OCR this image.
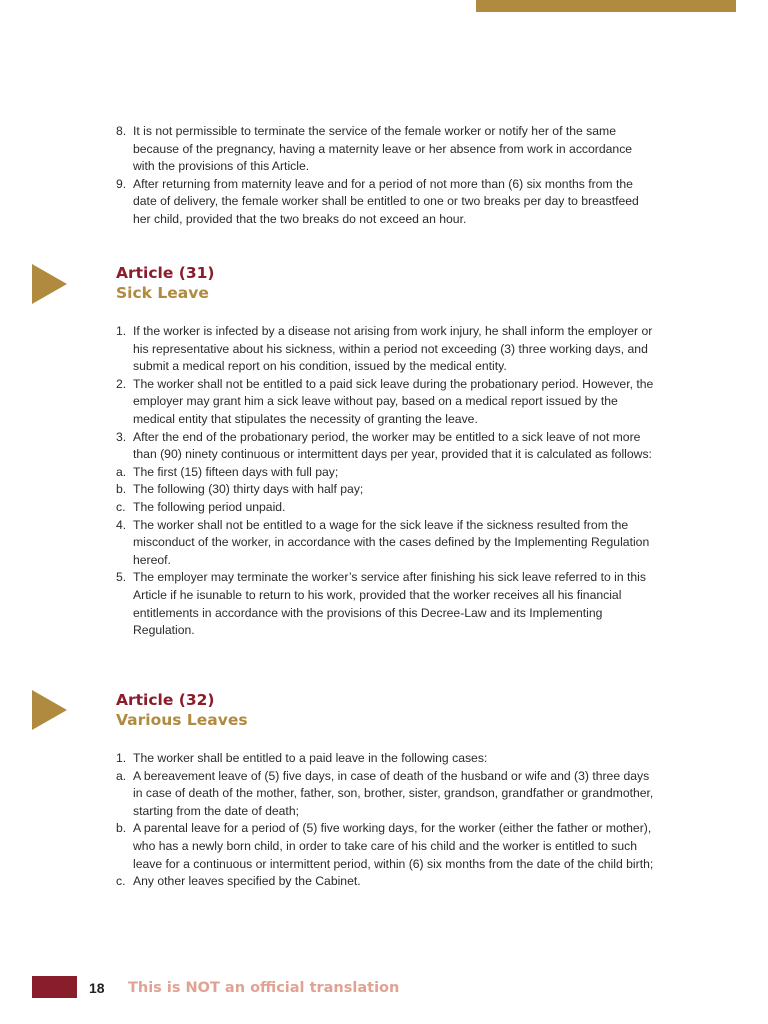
8. It is not permissible to terminate the service of the female worker or notify her of the same because of the pregnancy, having a maternity leave or her absence from work in accordance with the provisions of this Article.
9. After returning from maternity leave and for a period of not more than (6) six months from the date of delivery, the female worker shall be entitled to one or two breaks per day to breastfeed her child, provided that the two breaks do not exceed an hour.
Article (31)
Sick Leave
1. If the worker is infected by a disease not arising from work injury, he shall inform the employer or his representative about his sickness, within a period not exceeding (3) three working days, and submit a medical report on his condition, issued by the medical entity.
2. The worker shall not be entitled to a paid sick leave during the probationary period. However, the employer may grant him a sick leave without pay, based on a medical report issued by the medical entity that stipulates the necessity of granting the leave.
3. After the end of the probationary period, the worker may be entitled to a sick leave of not more than (90) ninety continuous or intermittent days per year, provided that it is calculated as follows:
a. The first (15) fifteen days with full pay;
b. The following (30) thirty days with half pay;
c. The following period unpaid.
4. The worker shall not be entitled to a wage for the sick leave if the sickness resulted from the misconduct of the worker, in accordance with the cases defined by the Implementing Regulation hereof.
5. The employer may terminate the worker’s service after finishing his sick leave referred to in this Article if he isunable to return to his work, provided that the worker receives all his financial entitlements in accordance with the provisions of this Decree-Law and its Implementing Regulation.
Article (32)
Various Leaves
1. The worker shall be entitled to a paid leave in the following cases:
a. A bereavement leave of (5) five days, in case of death of the husband or wife and (3) three days in case of death of the mother, father, son, brother, sister, grandson, grandfather or grandmother, starting from the date of death;
b. A parental leave for a period of (5) five working days, for the worker (either the father or mother), who has a newly born child, in order to take care of his child and the worker is entitled to such leave for a continuous or intermittent period, within (6) six months from the date of the child birth;
c. Any other leaves specified by the Cabinet.
18 This is NOT an official translation
